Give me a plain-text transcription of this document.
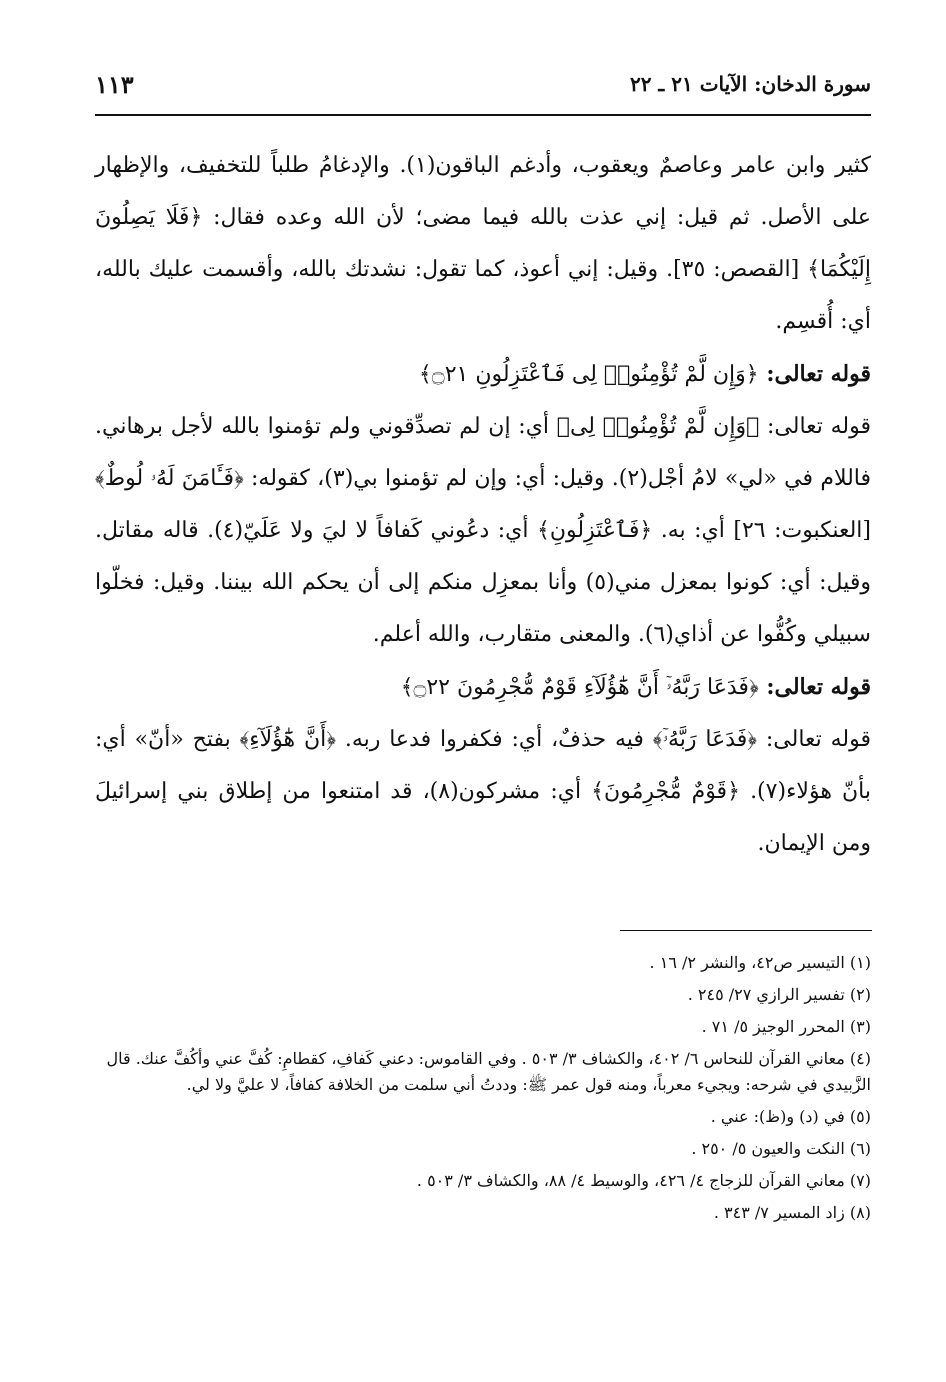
سورة الدخان: الآيات ٢١ ـ ٢٢
١١٣

كثير وابن عامر وعاصمٌ ويعقوب، وأدغم الباقون(١). والإدغامُ طلباً للتخفيف، والإظهار على الأصل. ثم قيل: إني عذت بالله فيما مضى؛ لأن الله وعده فقال: ﴿فَلَا يَصِلُونَ إِلَيْكُمَا﴾ [القصص: ٣٥]. وقيل: إني أعوذ، كما تقول: نشدتك بالله، وأقسمت عليك بالله، أي: أُقسِم.

قوله تعالى: ﴿وَإِن لَّمْ تُؤْمِنُوا۟ لِى فَٱعْتَزِلُونِ ۝٢١﴾

قوله تعالى: ﴿وَإِن لَّمْ تُؤْمِنُوا۟ لِى﴾ أي: إن لم تصدِّقوني ولم تؤمنوا بالله لأجل برهاني. فاللام في «لي» لامُ أجْل(٢). وقيل: أي: وإن لم تؤمنوا بي(٣)، كقوله: ﴿فَـَٔامَنَ لَهُۥ لُوطٌ﴾ [العنكبوت: ٢٦] أي: به. ﴿فَٱعْتَزِلُونِ﴾ أي: دعُوني كَفافاً لا ليَ ولا عَلَيّ(٤). قاله مقاتل. وقيل: أي: كونوا بمعزل مني(٥) وأنا بمعزِل منكم إلى أن يحكم الله بيننا. وقيل: فخلّوا سبيلي وكُفُّوا عن أذاي(٦). والمعنى متقارب، والله أعلم.

قوله تعالى: ﴿فَدَعَا رَبَّهُۥٓ أَنَّ هَٰٓؤُلَآءِ قَوْمٌ مُّجْرِمُونَ ۝٢٢﴾

قوله تعالى: ﴿فَدَعَا رَبَّهُۥٓ﴾ فيه حذفٌ، أي: فكفروا فدعا ربه. ﴿أَنَّ هَٰٓؤُلَآءِ﴾ بفتح «أنّ» أي: بأنّ هؤلاء(٧). ﴿قَوْمٌ مُّجْرِمُونَ﴾ أي: مشركون(٨)، قد امتنعوا من إطلاق بني إسرائيلَ ومن الإيمان.

(١) التيسير ص٤٢، والنشر ٢/ ١٦ .

(٢) تفسير الرازي ٢٧/ ٢٤٥ .

(٣) المحرر الوجيز ٥/ ٧١ .

(٤) معاني القرآن للنحاس ٦/ ٤٠٢، والكشاف ٣/ ٥٠٣ . وفي القاموس: دعني كَفافِ، كقطامِ: كُفَّ عني وأكُفَّ عنك. قال الزَّبيدي في شرحه: ويجيء معرباً، ومنه قول عمر ﷺ: وددتُ أني سلمت من الخلافة كفافاً، لا عليَّ ولا لي.

(٥) في (د) و(ظ): عني .

(٦) النكت والعيون ٥/ ٢٥٠ .

(٧) معاني القرآن للزجاج ٤/ ٤٢٦، والوسيط ٤/ ٨٨، والكشاف ٣/ ٥٠٣ .

(٨) زاد المسير ٧/ ٣٤٣ .
